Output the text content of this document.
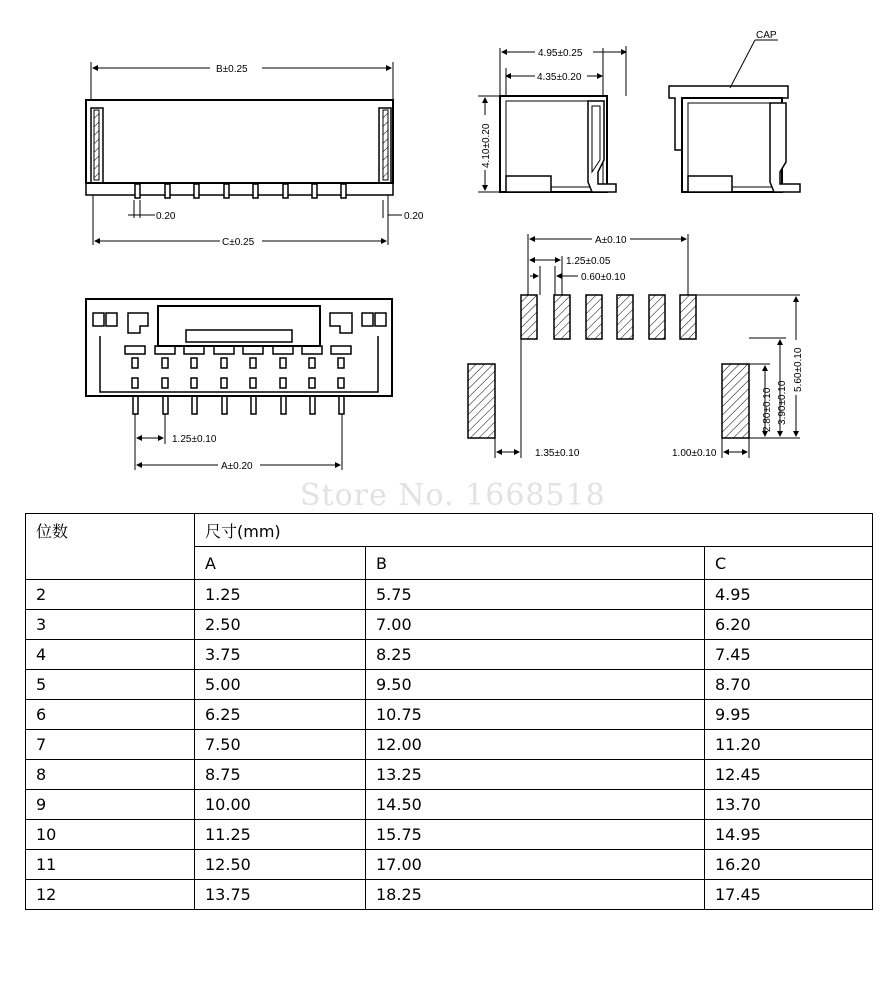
B±0.25
C±0.25
0.20	0.20
4.95±0.25
4.35±0.20
4.10±0.20
CAP
1.25±0.10
A±0.20
A±0.10
1.25±0.05
0.60±0.10
5.60±0.10
3.90±0.10
2.80±0.10
1.35±0.10	1.00±0.10
Store No. 1668518
位数	尺寸(mm)		
	A	B	C
2	1.25	5.75	4.95
3	2.50	7.00	6.20
4	3.75	8.25	7.45
5	5.00	9.50	8.70
6	6.25	10.75	9.95
7	7.50	12.00	11.20
8	8.75	13.25	12.45
9	10.00	14.50	13.70
10	11.25	15.75	14.95
11	12.50	17.00	16.20
12	13.75	18.25	17.45
